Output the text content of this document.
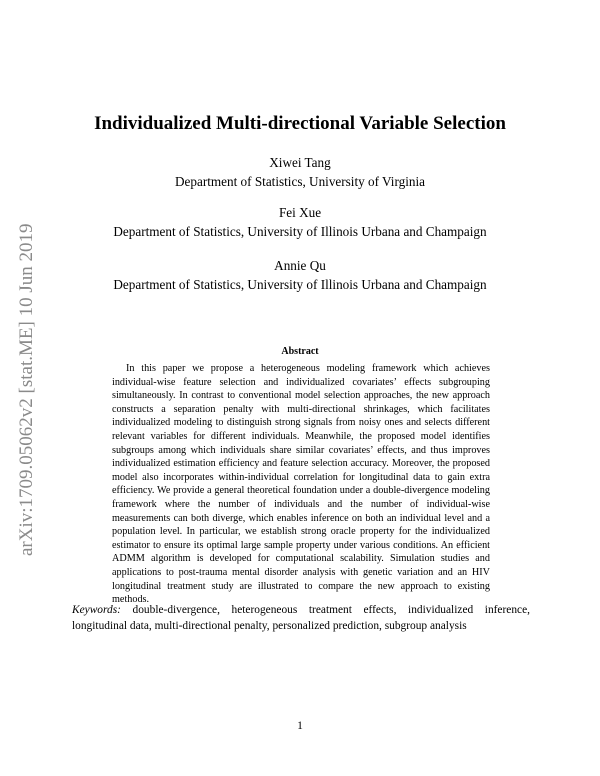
arXiv:1709.05062v2 [stat.ME] 10 Jun 2019
Individualized Multi-directional Variable Selection
Xiwei Tang
Department of Statistics, University of Virginia
Fei Xue
Department of Statistics, University of Illinois Urbana and Champaign
Annie Qu
Department of Statistics, University of Illinois Urbana and Champaign
Abstract

In this paper we propose a heterogeneous modeling framework which achieves individual-wise feature selection and individualized covariates’ effects subgrouping simultaneously. In contrast to conventional model selection approaches, the new approach constructs a separation penalty with multi-directional shrinkages, which facilitates individualized modeling to distinguish strong signals from noisy ones and selects different relevant variables for different individuals. Meanwhile, the proposed model identifies subgroups among which individuals share similar covariates’ effects, and thus improves individualized estimation efficiency and feature selection accuracy. Moreover, the proposed model also incorporates within-individual correlation for longitudinal data to gain extra efficiency. We provide a general theoretical foundation under a double-divergence modeling framework where the number of individuals and the number of individual-wise measurements can both diverge, which enables inference on both an individual level and a population level. In particular, we establish strong oracle property for the individualized estimator to ensure its optimal large sample property under various conditions. An efficient ADMM algorithm is developed for computational scalability. Simulation studies and applications to post-trauma mental disorder analysis with genetic variation and an HIV longitudinal treatment study are illustrated to compare the new approach to existing methods.

Keywords: double-divergence, heterogeneous treatment effects, individualized inference, longitudinal data, multi-directional penalty, personalized prediction, subgroup analysis

1
